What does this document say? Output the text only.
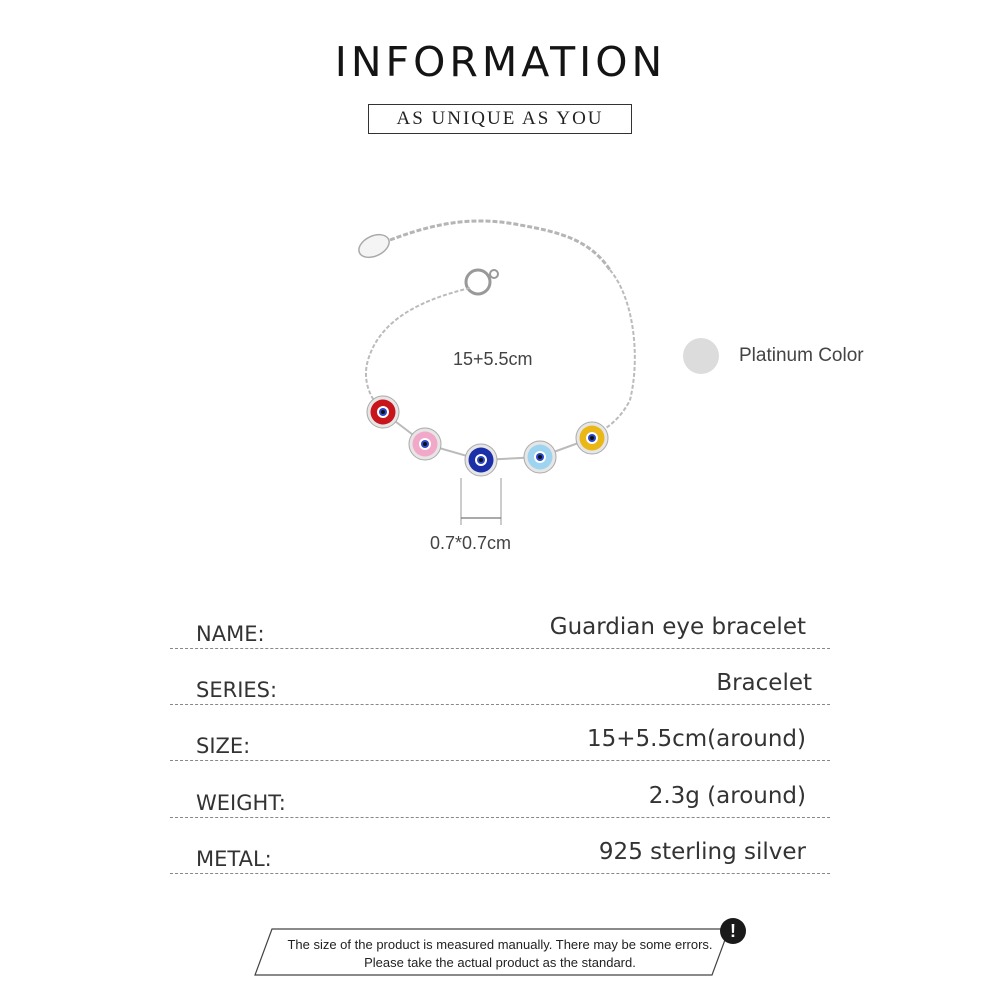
INFORMATION
AS UNIQUE AS YOU
15+5.5cm
0.7*0.7cm
Platinum Color
NAME:	Guardian eye bracelet
SERIES:	Bracelet
SIZE:	15+5.5cm(around)
WEIGHT:	2.3g (around)
METAL:	925 sterling silver
The size of the product is measured manually. There may be some errors.
Please take the actual product as the standard.
!
